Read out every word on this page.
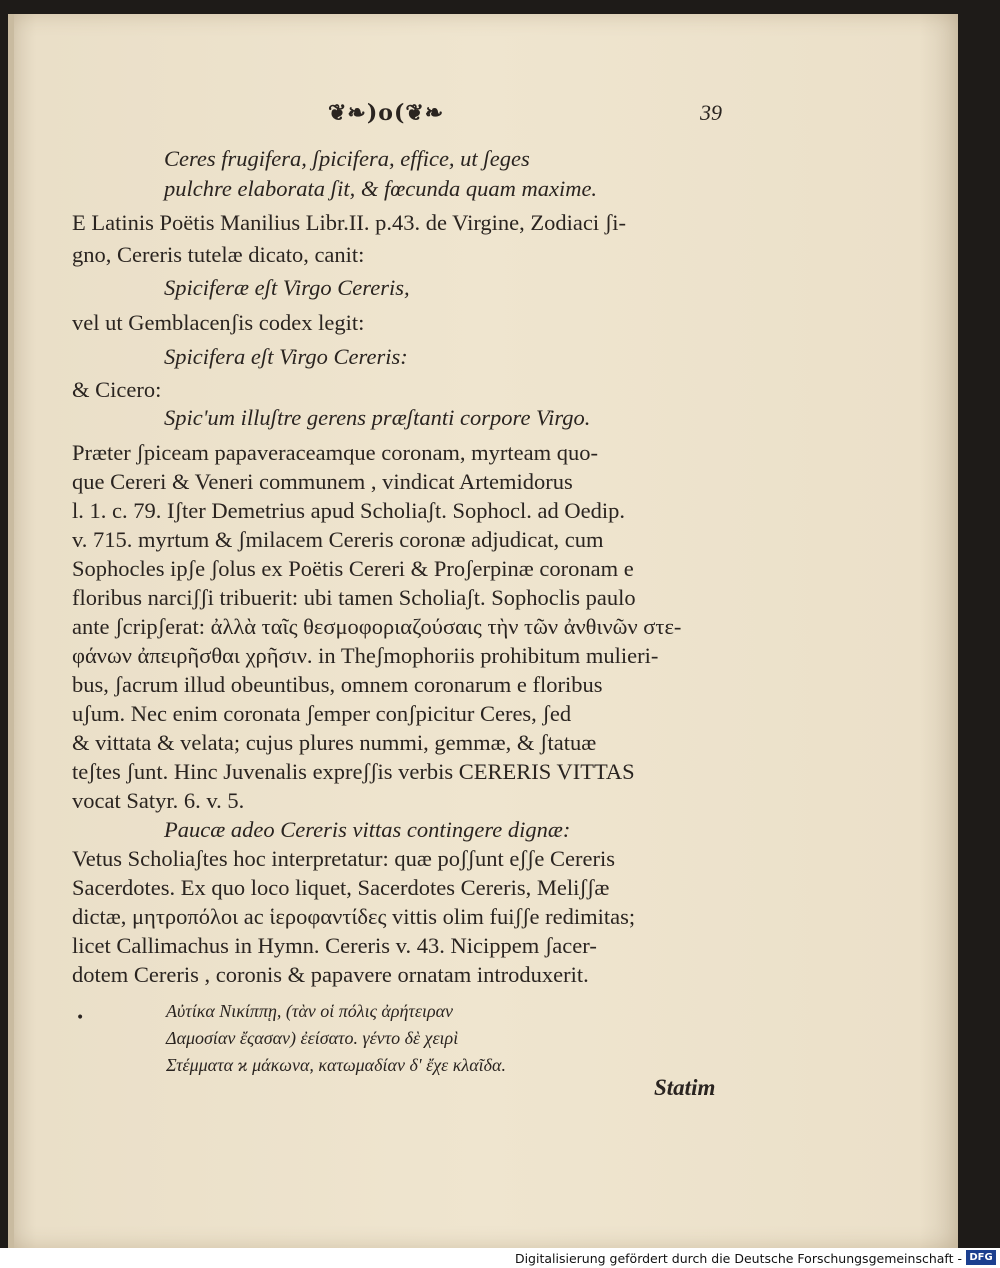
❦❧)o(❦❧	39
Ceres frugifera, ʃpicifera, effice, ut ʃeges
pulchre elaborata ʃit, & fœcunda quam maxime.
E Latinis Poëtis Manilius Libr.II. p.43. de Virgine, Zodiaci ʃi-
gno, Cereris tutelæ dicato, canit:
Spiciferæ eʃt Virgo Cereris,
vel ut Gemblacenʃis codex legit:
Spicifera eʃt Virgo Cereris:
& Cicero:
Spic'um illuʃtre gerens præʃtanti corpore Virgo.
Præter ʃpiceam papaveraceamque coronam, myrteam quo-
que Cereri & Veneri communem , vindicat Artemidorus
l. 1. c. 79. Iʃter Demetrius apud Scholiaʃt. Sophocl. ad Oedip.
v. 715. myrtum & ʃmilacem Cereris coronæ adjudicat, cum
Sophocles ipʃe ʃolus ex Poëtis Cereri & Proʃerpinæ coronam e
floribus narciʃʃi tribuerit: ubi tamen Scholiaʃt. Sophoclis paulo
ante ʃcripʃerat: ἀλλὰ ταῖς θεσμοφοριαζούσαις τὴν τῶν ἀνθινῶν στε-
φάνων ἀπειρῆσθαι χρῆσιν. in Theʃmophoriis prohibitum mulieri-
bus, ʃacrum illud obeuntibus, omnem coronarum e floribus
uʃum. Nec enim coronata ʃemper conʃpicitur Ceres, ʃed
& vittata & velata; cujus plures nummi, gemmæ, & ʃtatuæ
teʃtes ʃunt. Hinc Juvenalis expreʃʃis verbis CERERIS VITTAS
vocat Satyr. 6. v. 5.
Paucæ adeo Cereris vittas contingere dignæ:
Vetus Scholiaʃtes hoc interpretatur: quæ poʃʃunt eʃʃe Cereris
Sacerdotes. Ex quo loco liquet, Sacerdotes Cereris, Meliʃʃæ
dictæ, μητροπόλοι ac ἱεροφαντίδες vittis olim fuiʃʃe redimitas;
licet Callimachus in Hymn. Cereris v. 43. Nicippem ʃacer-
dotem Cereris , coronis & papavere ornatam introduxerit.
Αὐτίκα Νικίππῃ, (τὰν οἱ πόλις ἀρήτειραν
Δαμοσίαν ἔςασαν) ἐείσατο. γέντο δὲ χειρὶ
Στέμματα ϰ μάκωνα, κατωμαδίαν δ' ἔχε κλαῖδα.
•
Statim
Digitalisierung gefördert durch die Deutsche Forschungsgemeinschaft - DFG
